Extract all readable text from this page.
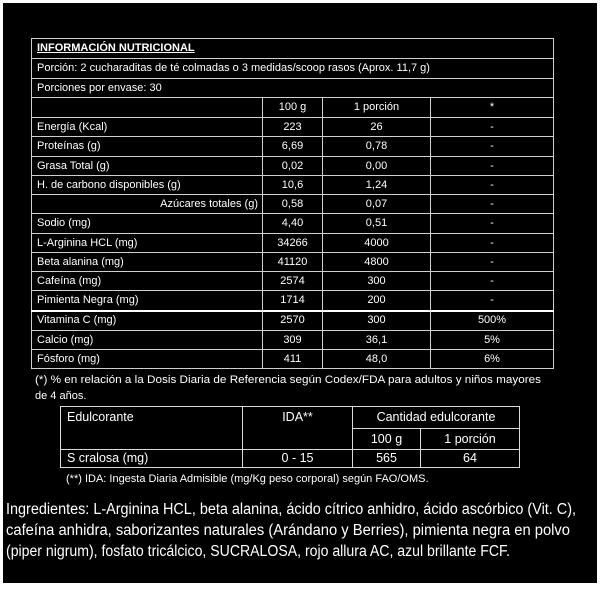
INFORMACIÓN NUTRICIONAL			
Porción: 2 cucharaditas de té colmadas o 3 medidas/scoop rasos (Aprox. 11,7 g)			
Porciones por envase: 30			
	100 g	1 porción	*
Energía (Kcal)	223	26	-
Proteínas (g)	6,69	0,78	-
Grasa Total (g)	0,02	0,00	-
H. de carbono disponibles (g)	10,6	1,24	-
Azúcares totales (g)	0,58	0,07	-
Sodio (mg)	4,40	0,51	-
L-Arginina HCL (mg)	34266	4000	-
Beta alanina (mg)	41120	4800	-
Cafeína (mg)	2574	300	-
Pimienta Negra (mg)	1714	200	-
Vitamina C (mg)	2570	300	500%
Calcio (mg)	309	36,1	5%
Fósforo (mg)	411	48,0	6%
(*) % en relación a la Dosis Diaria de Referencia según Codex/FDA para adultos y niños mayores
de 4 años.
Edulcorante	IDA**	Cantidad edulcorante	
		100 g	1 porción
S cralosa (mg)	0 - 15	565	64
(**) IDA: Ingesta Diaria Admisible (mg/Kg peso corporal) según FAO/OMS.
Ingredientes: L-Arginina HCL, beta alanina, ácido cítrico anhidro, ácido ascórbico (Vit. C),
cafeína anhidra, saborizantes naturales (Arándano y Berries), pimienta negra en polvo
(piper nigrum), fosfato tricálcico, SUCRALOSA, rojo allura AC, azul brillante FCF.
